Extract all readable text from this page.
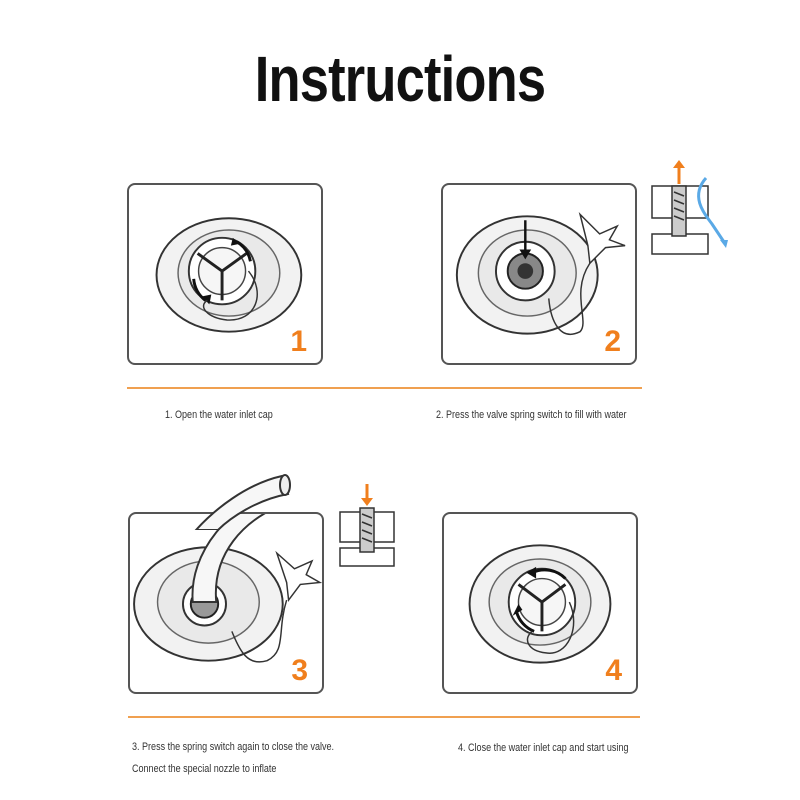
Instructions
1	2
1. Open the water inlet cap	2. Press the valve spring switch to fill with water
3	4
3. Press the spring switch again to close the valve.
Connect the special nozzle to inflate
4. Close the water inlet cap and start using
